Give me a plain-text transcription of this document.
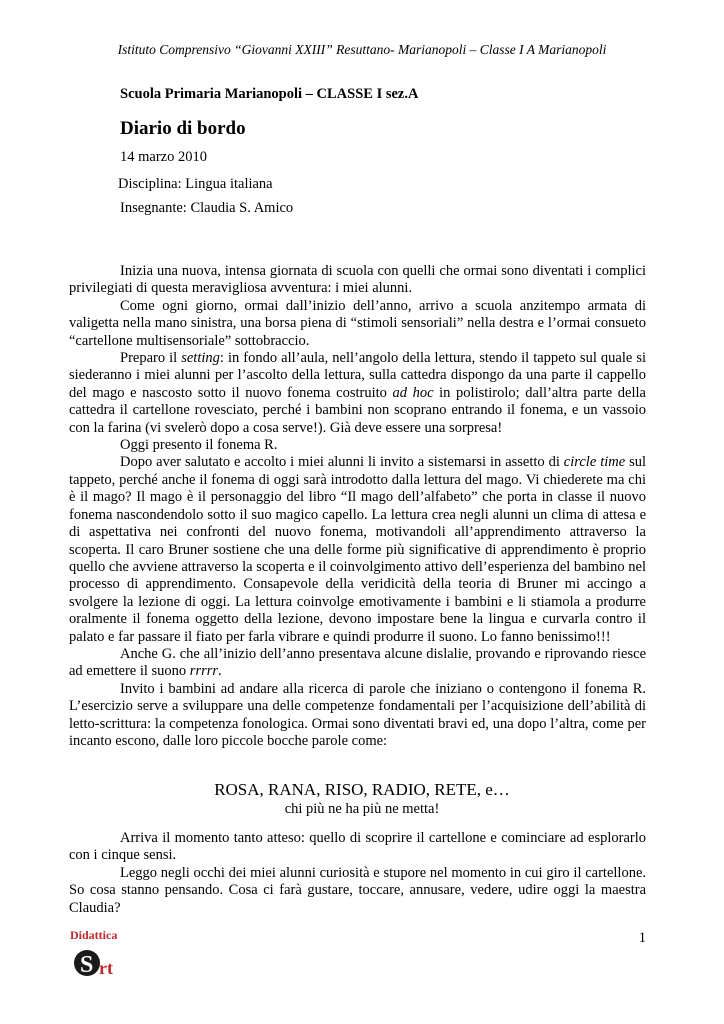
Istituto Comprensivo “Giovanni XXIII” Resuttano- Marianopoli – Classe I A Marianopoli
Scuola Primaria Marianopoli – CLASSE I sez.A
Diario di bordo
14 marzo 2010
Disciplina: Lingua italiana
Insegnante: Claudia S. Amico

Inizia una nuova, intensa giornata di scuola con quelli che ormai sono diventati i complici privilegiati di questa meravigliosa avventura: i miei alunni.

Come ogni giorno, ormai dall’inizio dell’anno, arrivo a scuola anzitempo armata di valigetta nella mano sinistra, una borsa piena di “stimoli sensoriali” nella destra e l’ormai consueto “cartellone multisensoriale” sottobraccio.

Preparo il setting: in fondo all’aula, nell’angolo della lettura, stendo il tappeto sul quale si siederanno i miei alunni per l’ascolto della lettura, sulla cattedra dispongo da una parte il cappello del mago e nascosto sotto il nuovo fonema costruito ad hoc in polistirolo; dall’altra parte della cattedra il cartellone rovesciato, perché i bambini non scoprano entrando il fonema, e un vassoio con la farina (vi svelerò dopo a cosa serve!). Già deve essere una sorpresa!

Oggi presento il fonema R.

Dopo aver salutato e accolto i miei alunni li invito a sistemarsi in assetto di circle time sul tappeto, perché anche il fonema di oggi sarà introdotto dalla lettura del mago. Vi chiederete ma chi è il mago? Il mago è il personaggio del libro “Il mago dell’alfabeto” che porta in classe il nuovo fonema nascondendolo sotto il suo magico capello. La lettura crea negli alunni un clima di attesa e di aspettativa nei confronti del nuovo fonema, motivandoli all’apprendimento attraverso la scoperta. Il caro Bruner sostiene che una delle forme più significative di apprendimento è proprio quello che avviene attraverso la scoperta e il coinvolgimento attivo dell’esperienza del bambino nel processo di apprendimento. Consapevole della veridicità della teoria di Bruner mi accingo a svolgere la lezione di oggi. La lettura coinvolge emotivamente i bambini e li stiamola a produrre oralmente il fonema oggetto della lezione, devono impostare bene la lingua e curvarla contro il palato e far passare il fiato per farla vibrare e quindi produrre il suono. Lo fanno benissimo!!!

Anche G. che all’inizio dell’anno presentava alcune dislalie, provando e riprovando riesce ad emettere il suono rrrrr.

Invito i bambini ad andare alla ricerca di parole che iniziano o contengono il fonema R. L’esercizio serve a sviluppare una delle competenze fondamentali per l’acquisizione dell’abilità di letto-scrittura: la competenza fonologica. Ormai sono diventati bravi ed, una dopo l’altra, come per incanto escono, dalle loro piccole bocche parole come:

ROSA, RANA, RISO, RADIO, RETE, e…
chi più ne ha più ne metta!

Arriva il momento tanto atteso: quello di scoprire il cartellone e cominciare ad esplorarlo con i cinque sensi.

Leggo negli occhi dei miei alunni curiosità e stupore nel momento in cui giro il cartellone. So cosa stanno pensando. Cosa ci farà gustare, toccare, annusare, vedere, udire oggi la maestra Claudia?

Didattica
S rt
1
